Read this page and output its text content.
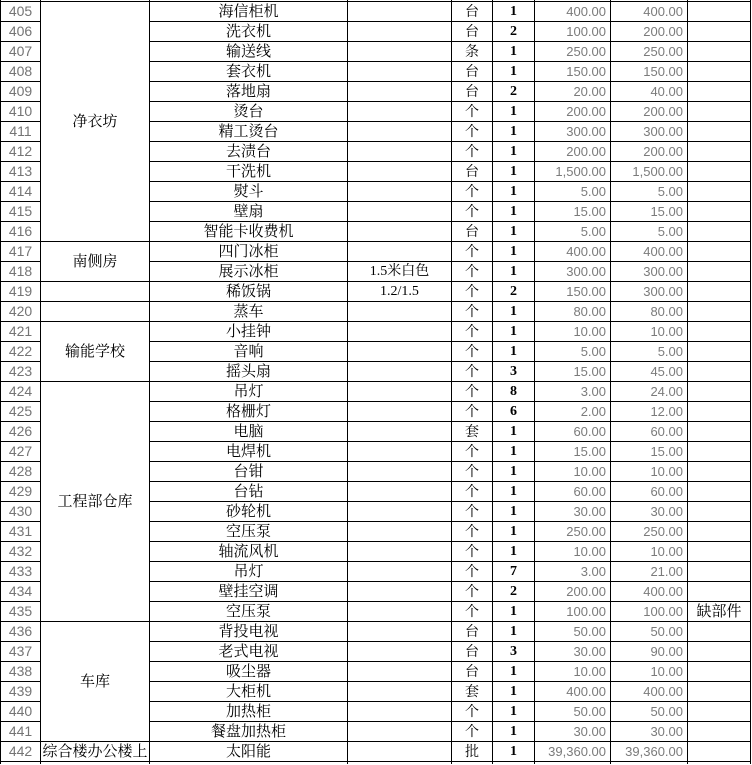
405	净衣坊	海信柜机		台	1	400.00	400.00	
406		洗衣机		台	2	100.00	200.00	
407		输送线		条	1	250.00	250.00	
408		套衣机		台	1	150.00	150.00	
409		落地扇		台	2	20.00	40.00	
410		烫台		个	1	200.00	200.00	
411		精工烫台		个	1	300.00	300.00	
412		去渍台		个	1	200.00	200.00	
413		干洗机		台	1	1,500.00	1,500.00	
414		熨斗		个	1	5.00	5.00	
415		壁扇		个	1	15.00	15.00	
416		智能卡收费机		台	1	5.00	5.00	
417	南侧房	四门冰柜		个	1	400.00	400.00	
418		展示冰柜	1.5米白色	个	1	300.00	300.00	
419		稀饭锅	1.2/1.5	个	2	150.00	300.00	
420		蒸车		个	1	80.00	80.00	
421	输能学校	小挂钟		个	1	10.00	10.00	
422		音响		个	1	5.00	5.00	
423		摇头扇		个	3	15.00	45.00	
424	工程部仓库	吊灯		个	8	3.00	24.00	
425		格栅灯		个	6	2.00	12.00	
426		电脑		套	1	60.00	60.00	
427		电焊机		个	1	15.00	15.00	
428		台钳		个	1	10.00	10.00	
429		台钻		个	1	60.00	60.00	
430		砂轮机		个	1	30.00	30.00	
431		空压泵		个	1	250.00	250.00	
432		轴流风机		个	1	10.00	10.00	
433		吊灯		个	7	3.00	21.00	
434		壁挂空调		个	2	200.00	400.00	
435		空压泵		个	1	100.00	100.00	缺部件
436	车库	背投电视		台	1	50.00	50.00	
437		老式电视		台	3	30.00	90.00	
438		吸尘器		台	1	10.00	10.00	
439		大柜机		套	1	400.00	400.00	
440		加热柜		个	1	50.00	50.00	
441		餐盘加热柜		个	1	30.00	30.00	
442	综合楼办公楼上	太阳能		批	1	39,360.00	39,360.00	
